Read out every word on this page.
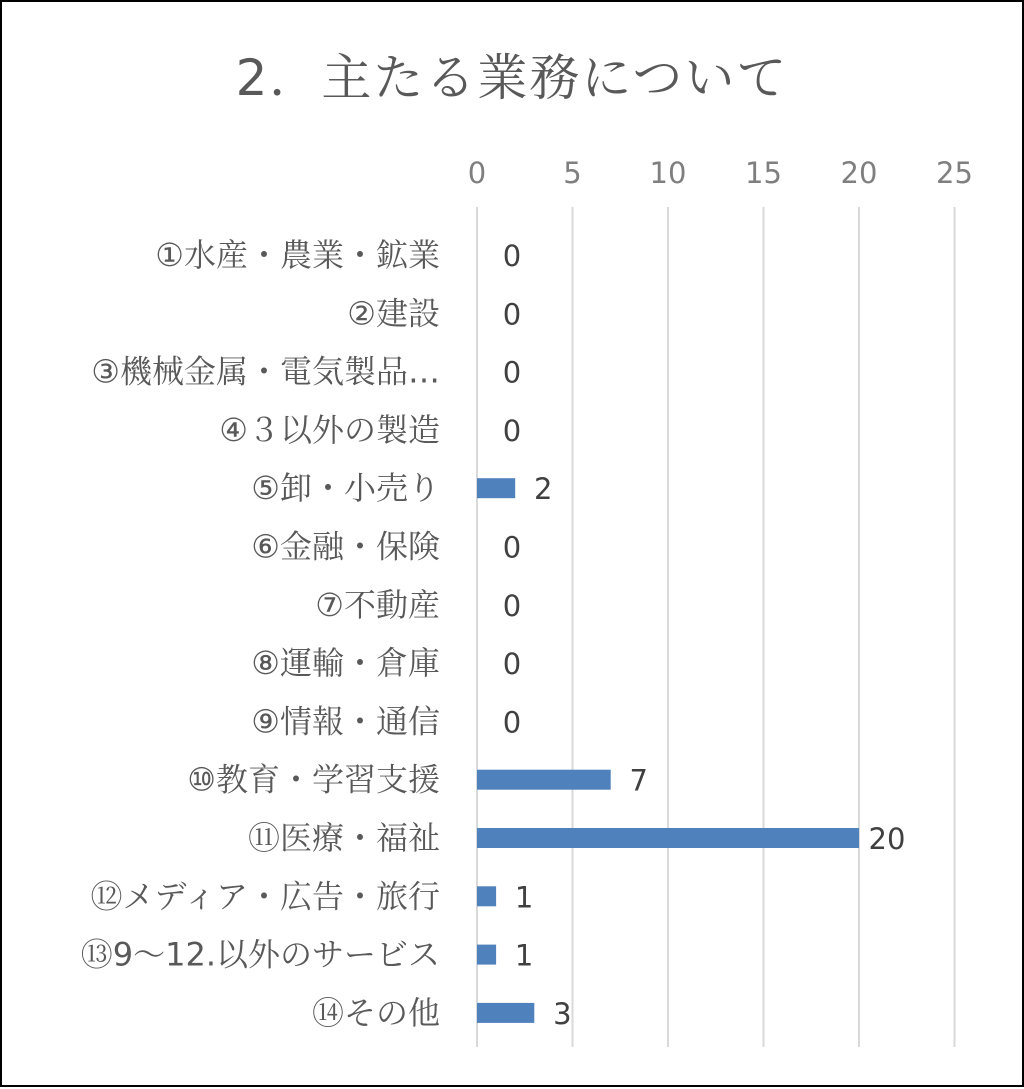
2．主たる業務について
0	5 10 15 20 25
①水産・農業・鉱業 0
②建設 0
③機械金属・電気製品… 0
④３以外の製造 0
⑤卸・小売り	2
⑥金融・保険 0
⑦不動産 0
⑧運輸・倉庫 0
⑨情報・通信 0
⑩教育・学習支援	7
⑪医療・福祉	20
⑫メディア・広告・旅行	1
⑬9～12.以外のサービス	1
⑭その他	3
